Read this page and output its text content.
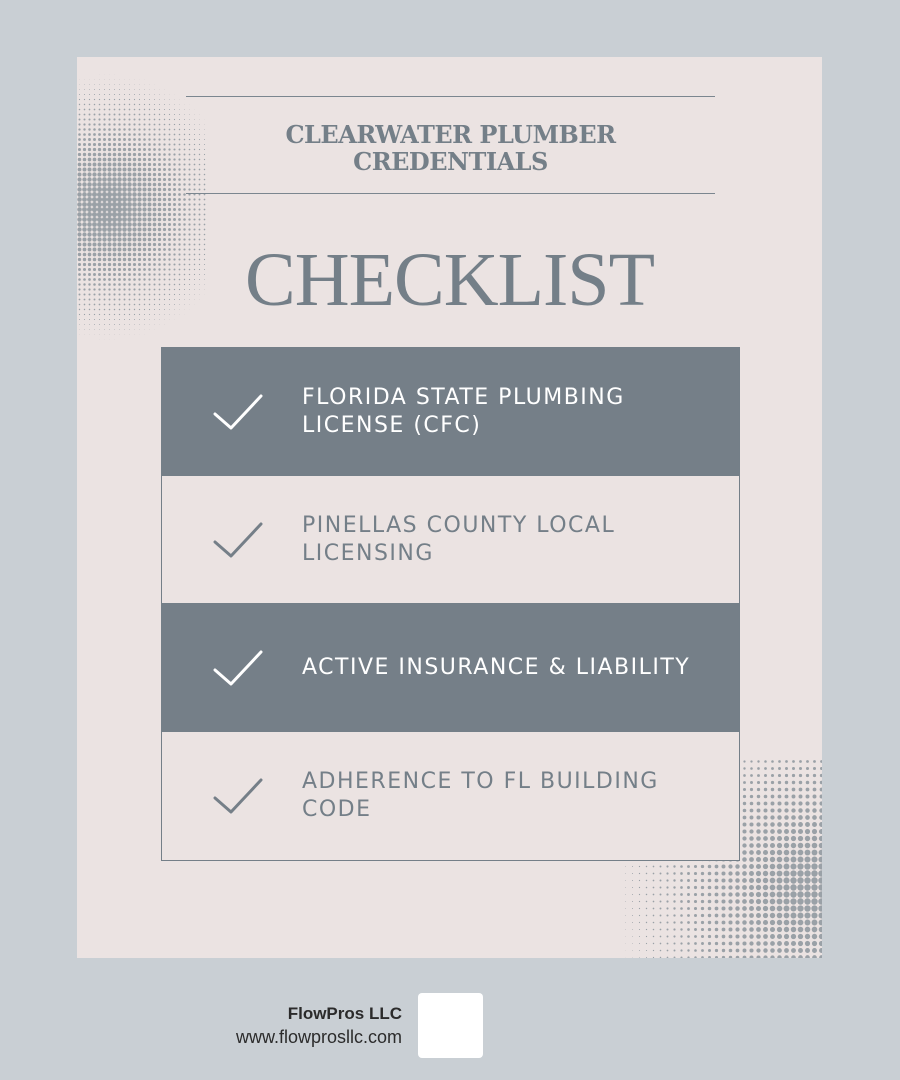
CLEARWATER PLUMBER
CREDENTIALS
CHECKLIST
FLORIDA STATE PLUMBING
LICENSE (CFC)
PINELLAS COUNTY LOCAL
LICENSING
ACTIVE INSURANCE & LIABILITY
ADHERENCE TO FL BUILDING
CODE
FlowPros LLC
www.flowprosllc.com
